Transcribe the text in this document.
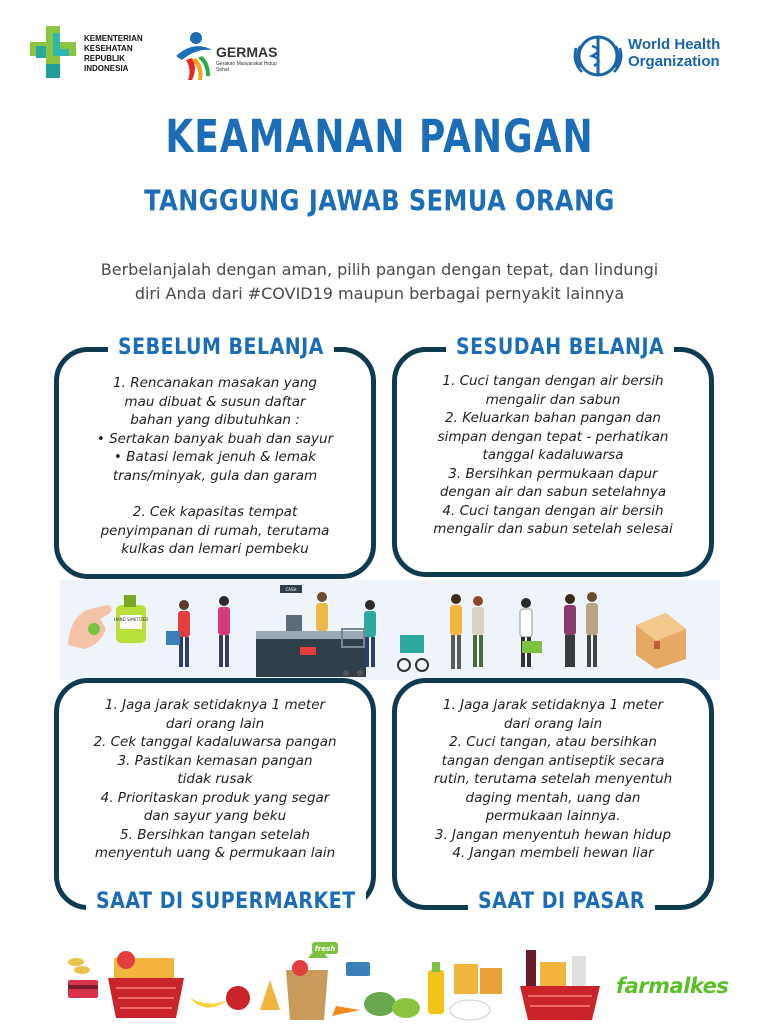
KEMENTERIAN
KESEHATAN
REPUBLIK
INDONESIA
GERMAS
Gerakan Masyarakat Hidup Sehat
World Health
Organization
KEAMANAN PANGAN
TANGGUNG JAWAB SEMUA ORANG
Berbelanjalah dengan aman, pilih pangan dengan tepat, dan lindungi
diri Anda dari #COVID19 maupun berbagai pernyakit lainnya
SEBELUM BELANJA
1. Rencanakan masakan yang
mau dibuat & susun daftar
bahan yang dibutuhkan :
• Sertakan banyak buah dan sayur
• Batasi lemak jenuh & lemak
trans/minyak, gula dan garam
2. Cek kapasitas tempat
penyimpanan di rumah, terutama
kulkas dan lemari pembeku
SESUDAH BELANJA
1. Cuci tangan dengan air bersih
mengalir dan sabun
2. Keluarkan bahan pangan dan
simpan dengan tepat - perhatikan
tanggal kadaluwarsa
3. Bersihkan permukaan dapur
dengan air dan sabun setelahnya
4. Cuci tangan dengan air bersih
mengalir dan sabun setelah selesai
HAND SANITIZER
CASH
1. Jaga jarak setidaknya 1 meter
dari orang lain
2. Cek tanggal kadaluwarsa pangan
3. Pastikan kemasan pangan
tidak rusak
4. Prioritaskan produk yang segar
dan sayur yang beku
5. Bersihkan tangan setelah
menyentuh uang & permukaan lain
SAAT DI SUPERMARKET
1. Jaga jarak setidaknya 1 meter
dari orang lain
2. Cuci tangan, atau bersihkan
tangan dengan antiseptik secara
rutin, terutama setelah menyentuh
daging mentah, uang dan
permukaan lainnya.
3. Jangan menyentuh hewan hidup
4. Jangan membeli hewan liar
SAAT DI PASAR
fresh
farmalkes
